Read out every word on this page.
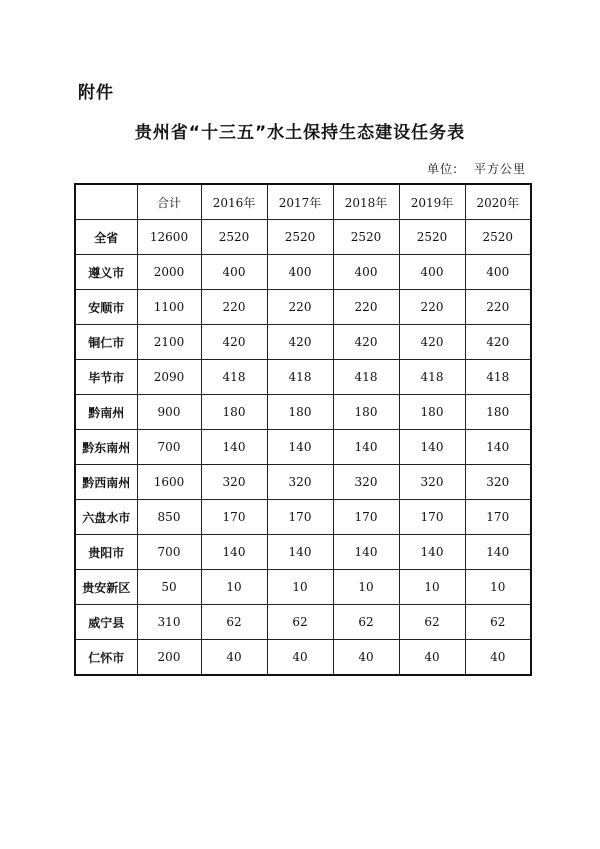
附件
贵州省“十三五”水土保持生态建设任务表
单位: 平方公里
	合计	2016年	2017年	2018年	2019年	2020年
全省	12600	2520	2520	2520	2520	2520
遵义市	2000	400	400	400	400	400
安顺市	1100	220	220	220	220	220
铜仁市	2100	420	420	420	420	420
毕节市	2090	418	418	418	418	418
黔南州	900	180	180	180	180	180
黔东南州	700	140	140	140	140	140
黔西南州	1600	320	320	320	320	320
六盘水市	850	170	170	170	170	170
贵阳市	700	140	140	140	140	140
贵安新区	50	10	10	10	10	10
威宁县	310	62	62	62	62	62
仁怀市	200	40	40	40	40	40
